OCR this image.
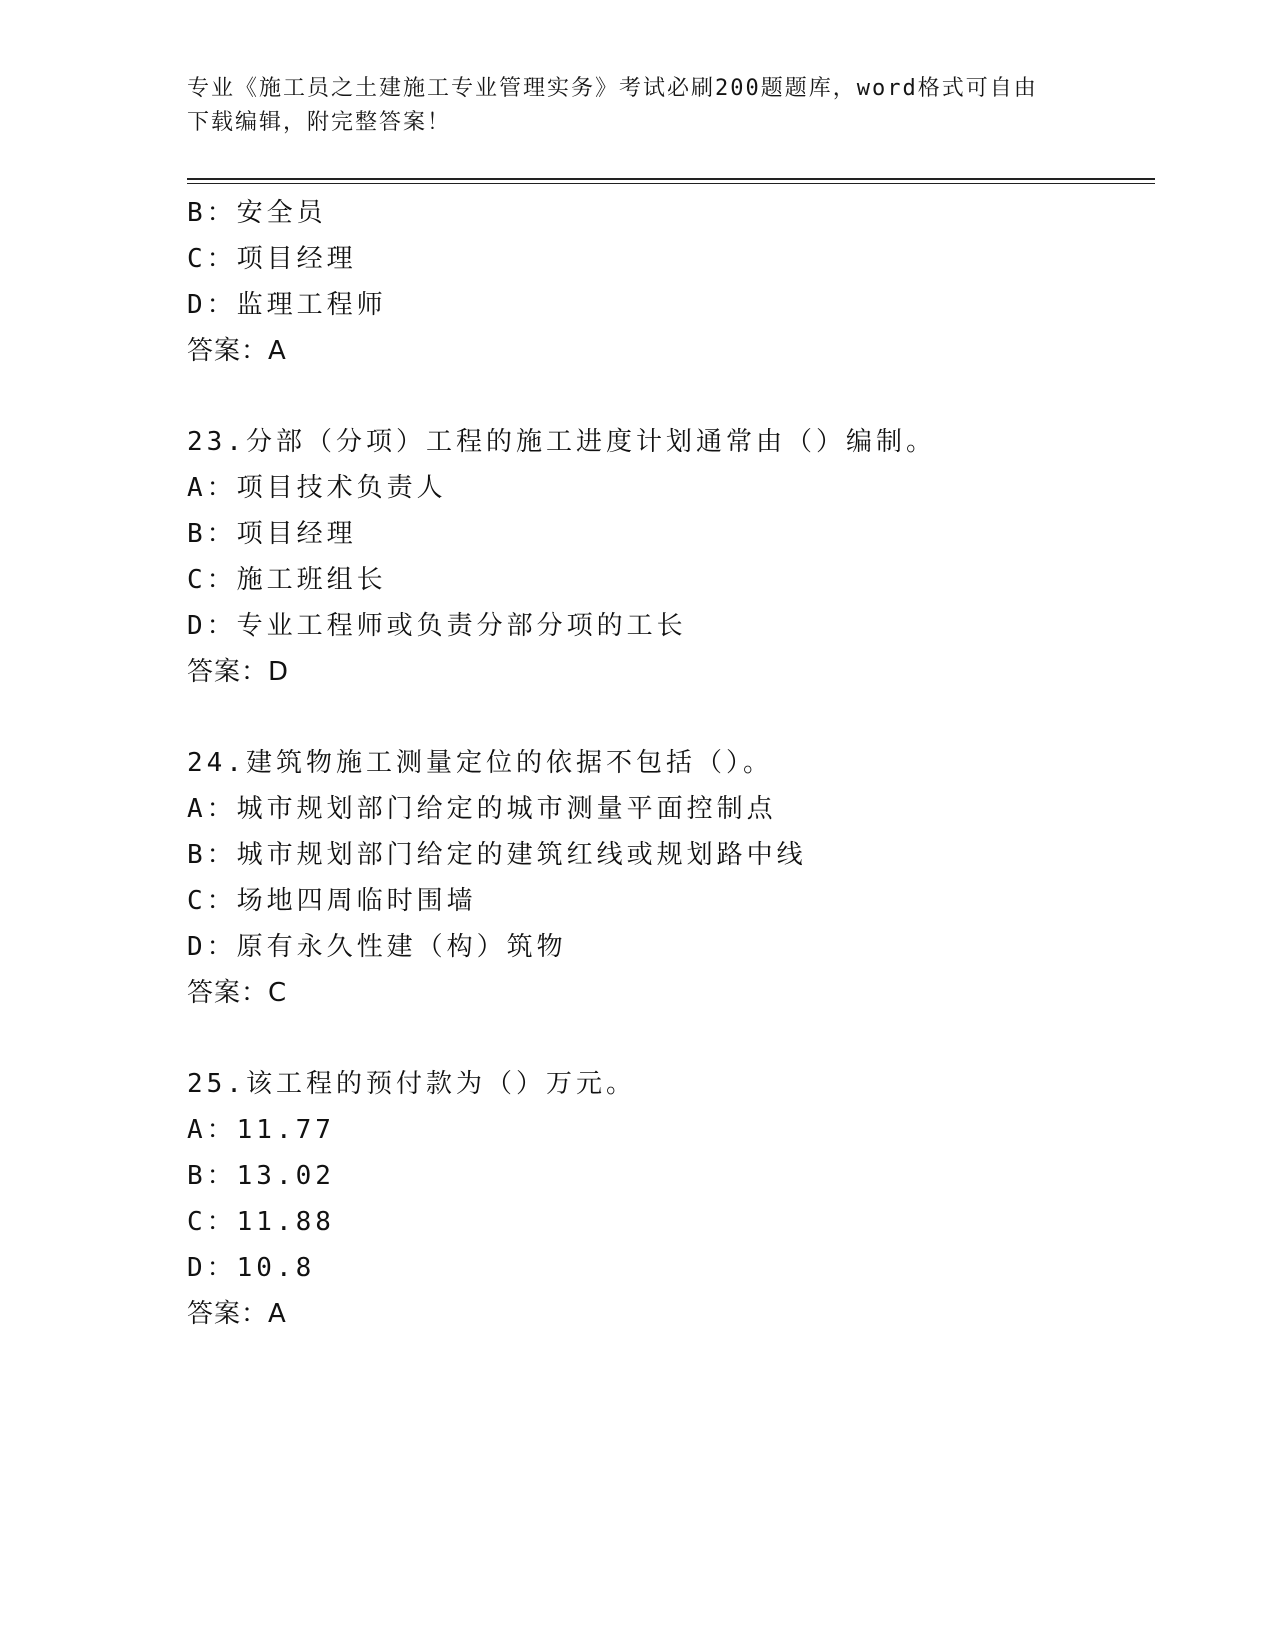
专业《施工员之土建施工专业管理实务》考试必刷200题题库，word格式可自由
下载编辑，附完整答案！
B：安全员
C：项目经理
D：监理工程师
答案：A
23.分部（分项）工程的施工进度计划通常由（）编制。
A：项目技术负责人
B：项目经理
C：施工班组长
D：专业工程师或负责分部分项的工长
答案：D
24.建筑物施工测量定位的依据不包括（）。
A：城市规划部门给定的城市测量平面控制点
B：城市规划部门给定的建筑红线或规划路中线
C：场地四周临时围墙
D：原有永久性建（构）筑物
答案：C
25.该工程的预付款为（）万元。
A：11.77
B：13.02
C：11.88
D：10.8
答案：A
